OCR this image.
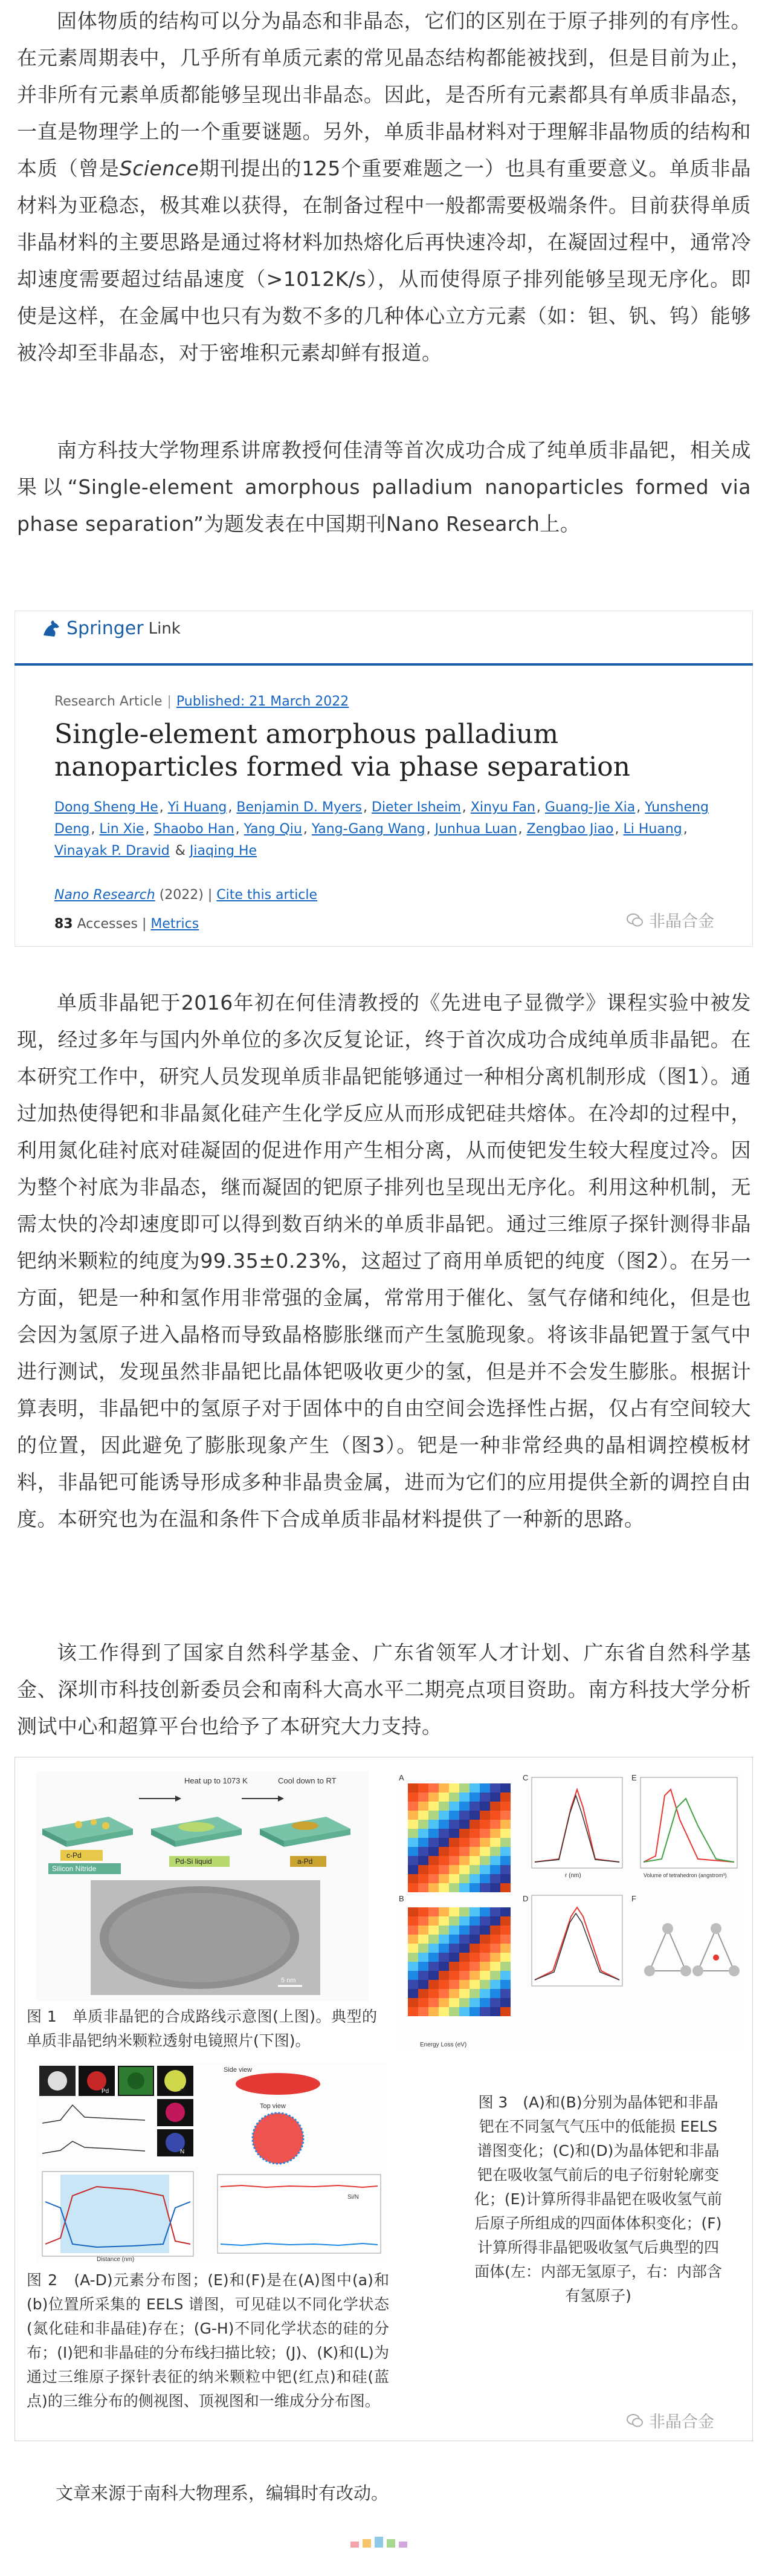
固体物质的结构可以分为晶态和非晶态，它们的区别在于原子排列的有序性。在元素周期表中，几乎所有单质元素的常见晶态结构都能被找到，但是目前为止，并非所有元素单质都能够呈现出非晶态。因此，是否所有元素都具有单质非晶态，一直是物理学上的一个重要谜题。另外，单质非晶材料对于理解非晶物质的结构和本质（曾是Science期刊提出的125个重要难题之一）也具有重要意义。单质非晶材料为亚稳态，极其难以获得，在制备过程中一般都需要极端条件。目前获得单质非晶材料的主要思路是通过将材料加热熔化后再快速冷却，在凝固过程中，通常冷却速度需要超过结晶速度（>1012K/s），从而使得原子排列能够呈现无序化。即使是这样，在金属中也只有为数不多的几种体心立方元素（如：钽、钒、钨）能够被冷却至非晶态，对于密堆积元素却鲜有报道。

南方科技大学物理系讲席教授何佳清等首次成功合成了纯单质非晶钯，相关成果以“Single-element amorphous palladium nanoparticles formed via phase separation”为题发表在中国期刊Nano Research上。

Springer Link
Research Article | Published: 21 March 2022
Single-element amorphous palladium nanoparticles formed via phase separation
Dong Sheng He, Yi Huang, Benjamin D. Myers, Dieter Isheim, Xinyu Fan, Guang-Jie Xia, Yunsheng Deng, Lin Xie, Shaobo Han, Yang Qiu, Yang-Gang Wang, Junhua Luan, Zengbao Jiao, Li Huang, Vinayak P. Dravid & Jiaqing He
Nano Research (2022) | Cite this article
83 Accesses | Metrics	非晶合金

单质非晶钯于2016年初在何佳清教授的《先进电子显微学》课程实验中被发现，经过多年与国内外单位的多次反复论证，终于首次成功合成纯单质非晶钯。在本研究工作中，研究人员发现单质非晶钯能够通过一种相分离机制形成（图1）。通过加热使得钯和非晶氮化硅产生化学反应从而形成钯硅共熔体。在冷却的过程中，利用氮化硅衬底对硅凝固的促进作用产生相分离，从而使钯发生较大程度过冷。因为整个衬底为非晶态，继而凝固的钯原子排列也呈现出无序化。利用这种机制，无需太快的冷却速度即可以得到数百纳米的单质非晶钯。通过三维原子探针测得非晶钯纳米颗粒的纯度为99.35±0.23%，这超过了商用单质钯的纯度（图2）。在另一方面，钯是一种和氢作用非常强的金属，常常用于催化、氢气存储和纯化，但是也会因为氢原子进入晶格而导致晶格膨胀继而产生氢脆现象。将该非晶钯置于氢气中进行测试，发现虽然非晶钯比晶体钯吸收更少的氢，但是并不会发生膨胀。根据计算表明，非晶钯中的氢原子对于固体中的自由空间会选择性占据，仅占有空间较大的位置，因此避免了膨胀现象产生（图3）。钯是一种非常经典的晶相调控模板材料，非晶钯可能诱导形成多种非晶贵金属，进而为它们的应用提供全新的调控自由度。本研究也为在温和条件下合成单质非晶材料提供了一种新的思路。

该工作得到了国家自然科学基金、广东省领军人才计划、广东省自然科学基金、深圳市科技创新委员会和南科大高水平二期亮点项目资助。南方科技大学分析测试中心和超算平台也给予了本研究大力支持。

Heat up to 1073 K	Cool down to RT
c-Pd
Silicon Nitride
Pd-Si liquid	a-Pd
5 nm

图 1　单质非晶钯的合成路线示意图(上图)。典型的单质非晶钯纳米颗粒透射电镜照片(下图)。

Pd	Si
N
Distance (nm)
Side view
Top view
Si/N

图 2　(A-D)元素分布图；(E)和(F)是在(A)图中(a)和(b)位置所采集的 EELS 谱图，可见硅以不同化学状态(氮化硅和非晶硅)存在；(G-H)不同化学状态的硅的分布；(I)钯和非晶硅的分布线扫描比较；(J)、(K)和(L)为通过三维原子探针表征的纳米颗粒中钯(红点)和硅(蓝点)的三维分布的侧视图、顶视图和一维成分分布图。

A
B
Energy Loss (eV)
C
r (nm)
E
Volume of tetrahedron (angstrom³)
D	F

图 3　(A)和(B)分别为晶体钯和非晶钯在不同氢气气压中的低能损 EELS 谱图变化；(C)和(D)为晶体钯和非晶钯在吸收氢气前后的电子衍射轮廓变化；(E)计算所得非晶钯在吸收氢气前后原子所组成的四面体体积变化；(F)计算所得非晶钯吸收氢气后典型的四面体(左：内部无氢原子，右：内部含有氢原子)

非晶合金
文章来源于南科大物理系，编辑时有改动。
